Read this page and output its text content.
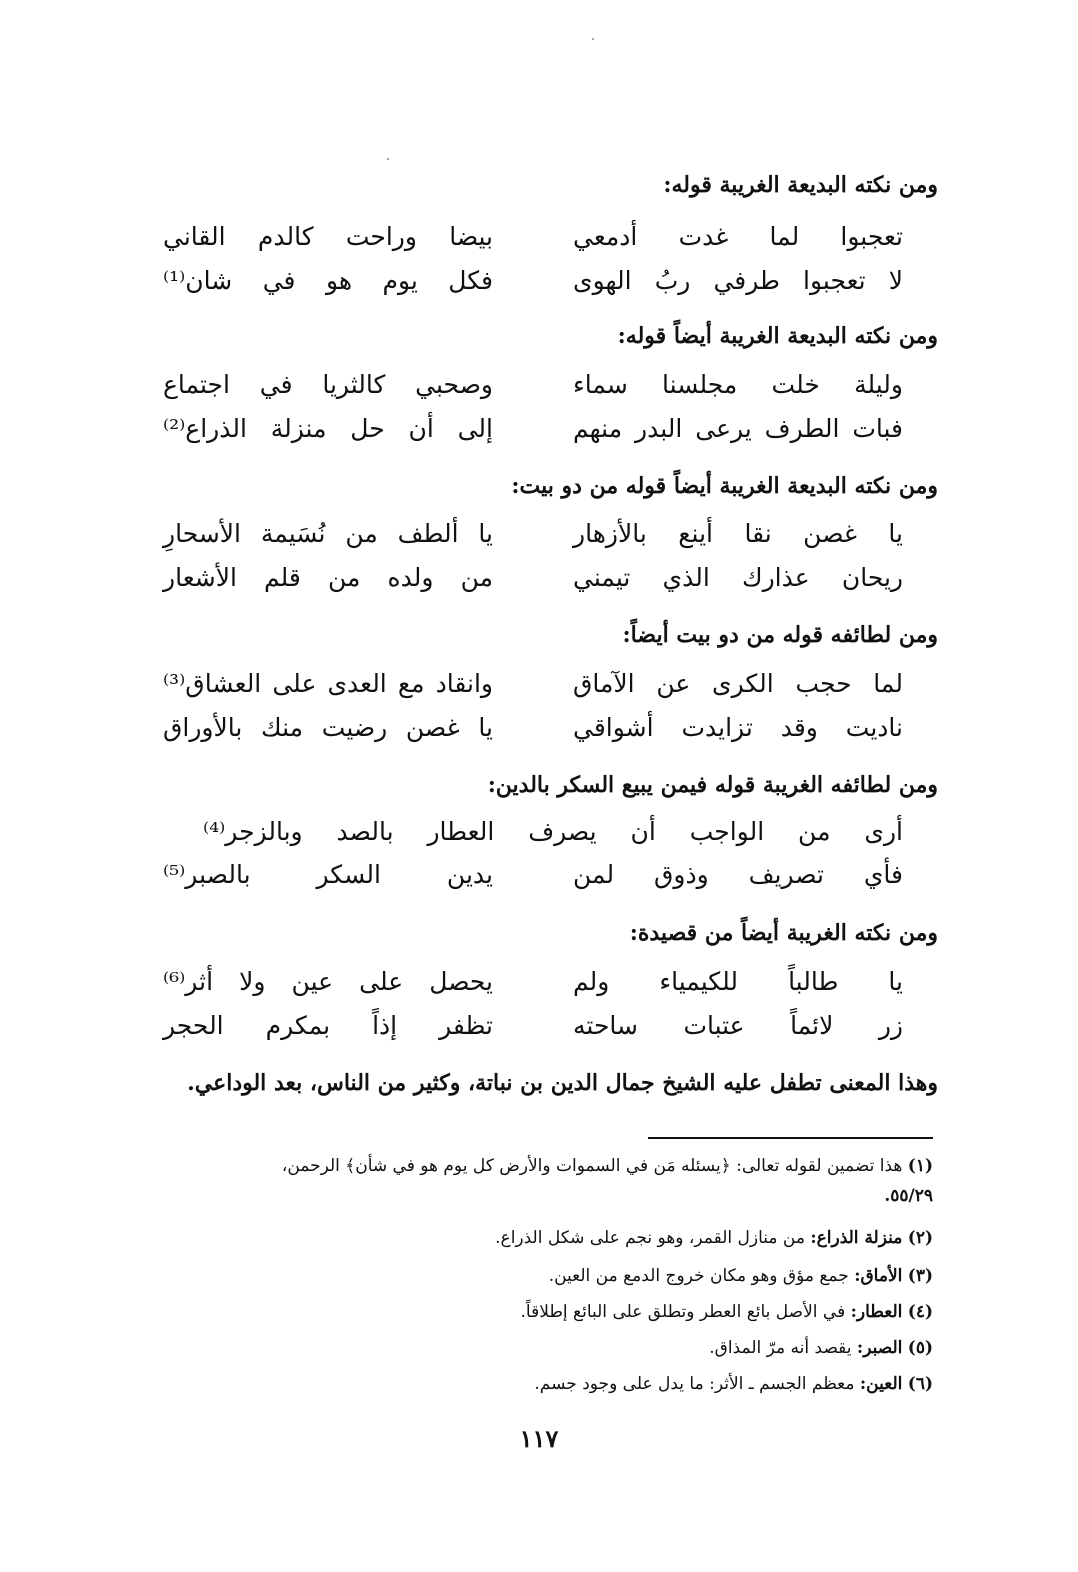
ومن نكته البديعة الغريبة قوله:
تعجبوا لما غدت أدمعي
بيضا وراحت كالدم القاني
لا تعجبوا طرفي ربُ الهوى
فكل يوم هو في شان⁽¹⁾
ومن نكته البديعة الغريبة أيضاً قوله:
وليلة خلت مجلسنا سماء
وصحبي كالثريا في اجتماع
فبات الطرف يرعى البدر منهم
إلى أن حل منزلة الذراع⁽²⁾
ومن نكته البديعة الغريبة أيضاً قوله من دو بيت:
يا غصن نقا أينع بالأزهار
يا ألطف من نُسَيمة الأسحارِ
ريحان عذارك الذي تيمني
من ولده من قلم الأشعار
ومن لطائفه قوله من دو بيت أيضاً:
لما حجب الكرى عن الآماق
وانقاد مع العدى على العشاق⁽³⁾
ناديت وقد تزايدت أشواقي
يا غصن رضيت منك بالأوراق
ومن لطائفه الغريبة قوله فيمن يبيع السكر بالدين:
أرى من الواجب أن يصرف العطار بالصد وبالزجر⁽⁴⁾
فأي تصريف وذوق لمن
يدين السكر بالصبر⁽⁵⁾
ومن نكته الغريبة أيضاً من قصيدة:
يا طالباً للكيمياء ولم
يحصل على عين ولا أثر⁽⁶⁾
زر لائماً عتبات ساحته
تظفر إذاً بمكرم الحجر
وهذا المعنى تطفل عليه الشيخ جمال الدين بن نباتة، وكثير من الناس، بعد الوداعي.
(١) هذا تضمين لقوله تعالى: ﴿يسئله مَن في السموات والأرض كل يوم هو في شأن﴾ الرحمن،
٥٥/٢٩.
(٢) منزلة الذراع: من منازل القمر، وهو نجم على شكل الذراع.
(٣) الأماق: جمع مؤق وهو مكان خروج الدمع من العين.
(٤) العطار: في الأصل بائع العطر وتطلق على البائع إطلاقاً.
(٥) الصبر: يقصد أنه مرّ المذاق.
(٦) العين: معظم الجسم ـ الأثر: ما يدل على وجود جسم.
١١٧
